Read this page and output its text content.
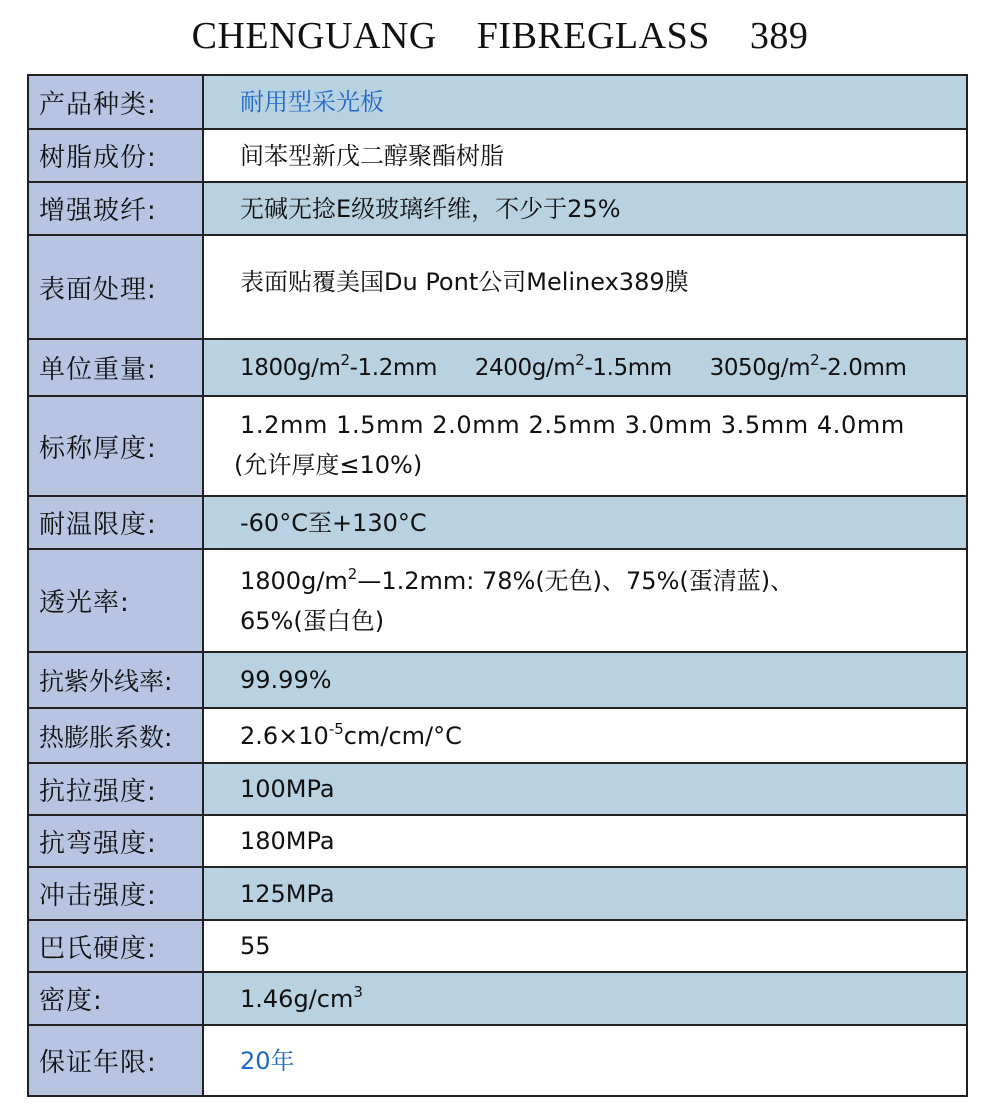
CHENGUANG    FIBREGLASS    389
产品种类:	耐用型采光板
树脂成份:	间苯型新戊二醇聚酯树脂
增强玻纤:	无碱无捻E级玻璃纤维，不少于25%
表面处理:	表面贴覆美国Du Pont公司Melinex389膜
单位重量:	$1800g/m^2-1.2mm$ $2400g/m^2-1.5mm$ $3050g/m^2-2.0mm$
标称厚度:	1.2mm 1.5mm 2.0mm 2.5mm 3.0mm 3.5mm 4.0mm
(允许厚度≤10%)

耐温限度:	-60°C至+130°C
透光率:	$1800g/m^2—1.2mm$: 78%(无色)、75%(蛋清蓝)、
65%(蛋白色)

抗紫外线率:	99.99%
热膨胀系数:	$2.6\times 10^{-5}cm/cm/^\circ C$
抗拉强度:	100MPa
抗弯强度:	180MPa
冲击强度:	125MPa
巴氏硬度:	55
密度:	$1.46g/cm^3$
保证年限:	20年
